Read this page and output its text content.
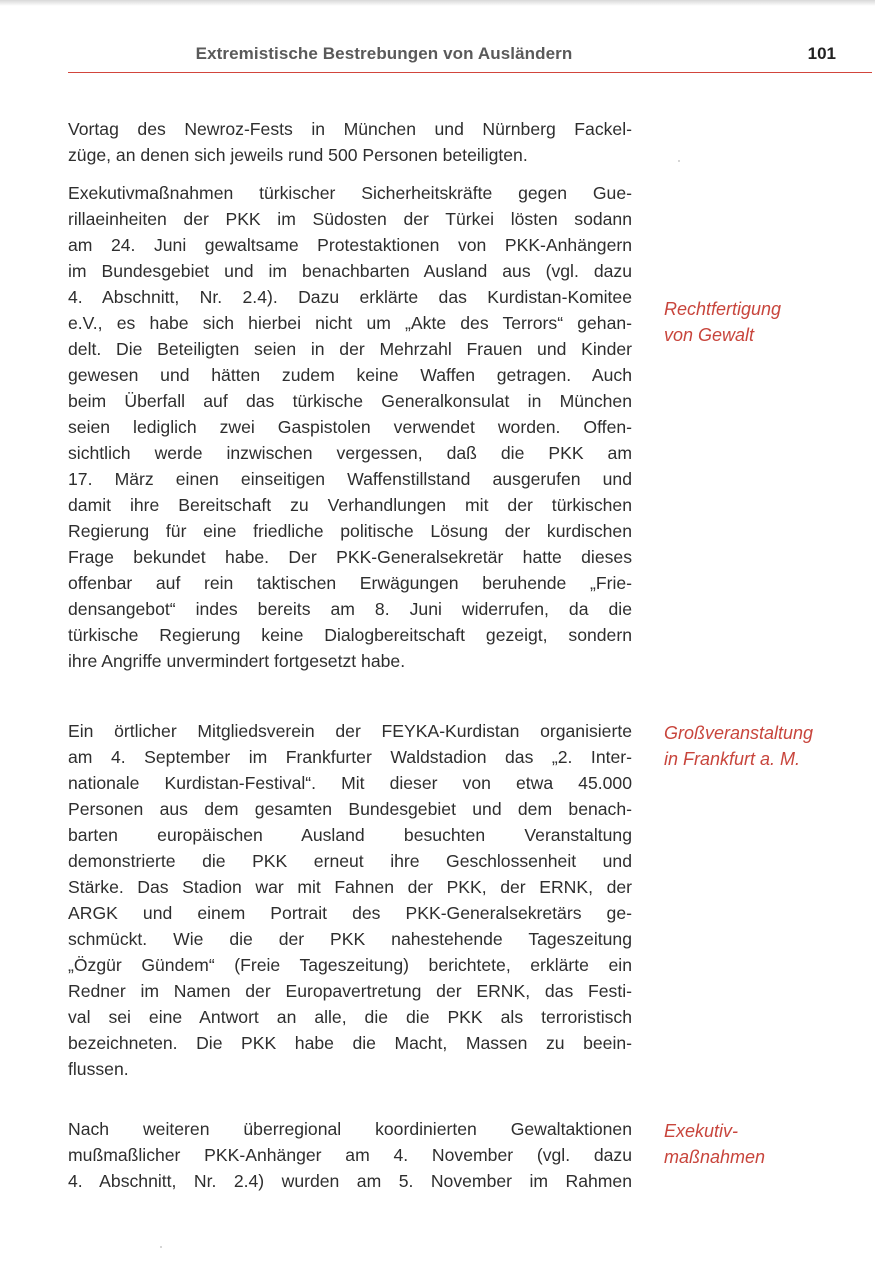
Extremistische Bestrebungen von Ausländern	101
Vortag des Newroz-Fests in München und Nürnberg Fackel-
züge, an denen sich jeweils rund 500 Personen beteiligten.
Exekutivmaßnahmen türkischer Sicherheitskräfte gegen Gue-
rillaeinheiten der PKK im Südosten der Türkei lösten sodann
am 24. Juni gewaltsame Protestaktionen von PKK-Anhängern
im Bundesgebiet und im benachbarten Ausland aus (vgl. dazu
4. Abschnitt, Nr. 2.4). Dazu erklärte das Kurdistan-Komitee
e.V., es habe sich hierbei nicht um „Akte des Terrors“ gehan-
delt. Die Beteiligten seien in der Mehrzahl Frauen und Kinder
gewesen und hätten zudem keine Waffen getragen. Auch
beim Überfall auf das türkische Generalkonsulat in München
seien lediglich zwei Gaspistolen verwendet worden. Offen-
sichtlich werde inzwischen vergessen, daß die PKK am
17. März einen einseitigen Waffenstillstand ausgerufen und
damit ihre Bereitschaft zu Verhandlungen mit der türkischen
Regierung für eine friedliche politische Lösung der kurdischen
Frage bekundet habe. Der PKK-Generalsekretär hatte dieses
offenbar auf rein taktischen Erwägungen beruhende „Frie-
densangebot“ indes bereits am 8. Juni widerrufen, da die
türkische Regierung keine Dialogbereitschaft gezeigt, sondern
ihre Angriffe unvermindert fortgesetzt habe.
Ein örtlicher Mitgliedsverein der FEYKA-Kurdistan organisierte
am 4. September im Frankfurter Waldstadion das „2. Inter-
nationale Kurdistan-Festival“. Mit dieser von etwa 45.000
Personen aus dem gesamten Bundesgebiet und dem benach-
barten europäischen Ausland besuchten Veranstaltung
demonstrierte die PKK erneut ihre Geschlossenheit und
Stärke. Das Stadion war mit Fahnen der PKK, der ERNK, der
ARGK und einem Portrait des PKK-Generalsekretärs ge-
schmückt. Wie die der PKK nahestehende Tageszeitung
„Özgür Gündem“ (Freie Tageszeitung) berichtete, erklärte ein
Redner im Namen der Europavertretung der ERNK, das Festi-
val sei eine Antwort an alle, die die PKK als terroristisch
bezeichneten. Die PKK habe die Macht, Massen zu beein-
flussen.
Nach weiteren überregional koordinierten Gewaltaktionen
mußmaßlicher PKK-Anhänger am 4. November (vgl. dazu
4. Abschnitt, Nr. 2.4) wurden am 5. November im Rahmen
Rechtfertigung
von Gewalt
Großveranstaltung
in Frankfurt a. M.
Exekutiv-
maßnahmen
